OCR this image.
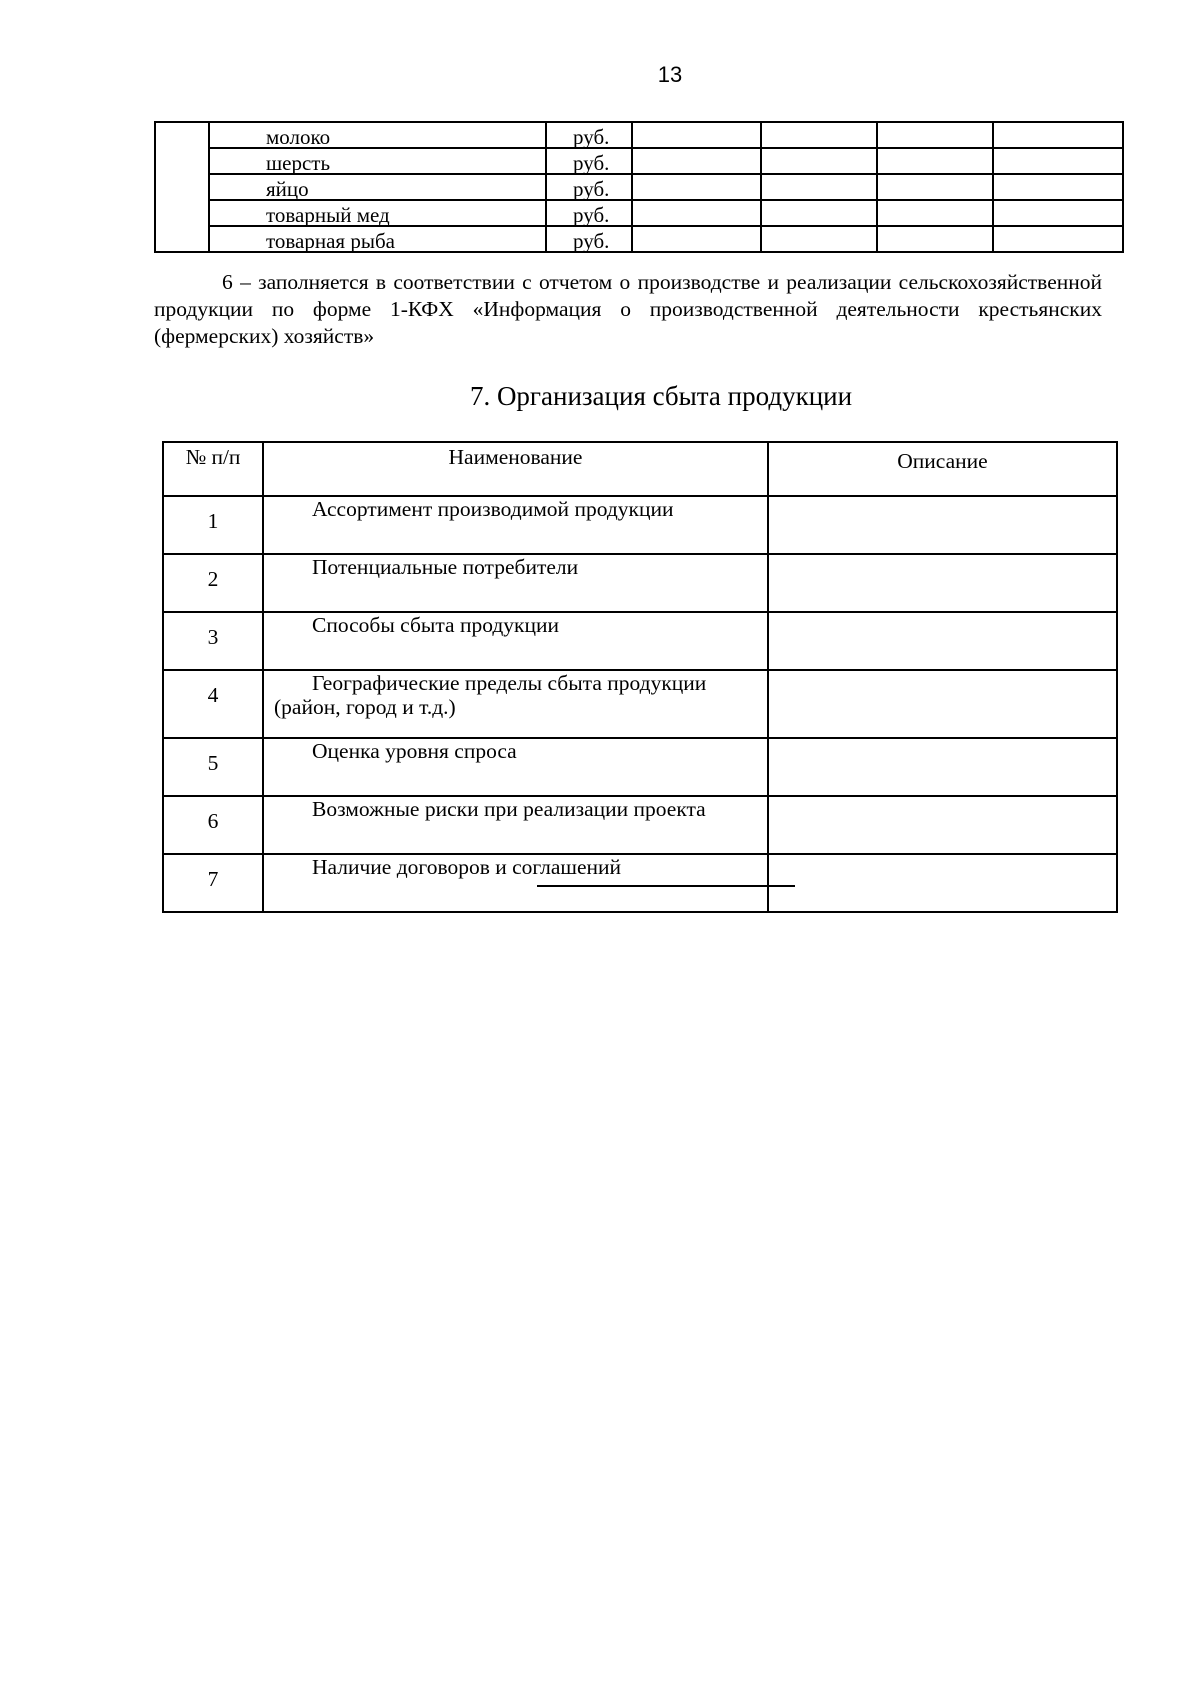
13
	молоко	руб.				
	шерсть	руб.				
	яйцо	руб.				
	товарный мед	руб.				
	товарная рыба	руб.				
6 – заполняется в соответствии с отчетом о производстве и реализации сельскохозяйственной продукции по форме 1-КФХ «Информация о производственной деятельности крестьянских (фермерских) хозяйств»
7. Организация сбыта продукции
№ п/п	Наименование	Описание
1	Ассортимент производимой продукции	
2	Потенциальные потребители	
3	Способы сбыта продукции	
4	Географические пределы сбыта продукции
(район, город и т.д.)	
5	Оценка уровня спроса	
6	Возможные риски при реализации проекта	
7	Наличие договоров и соглашений	
